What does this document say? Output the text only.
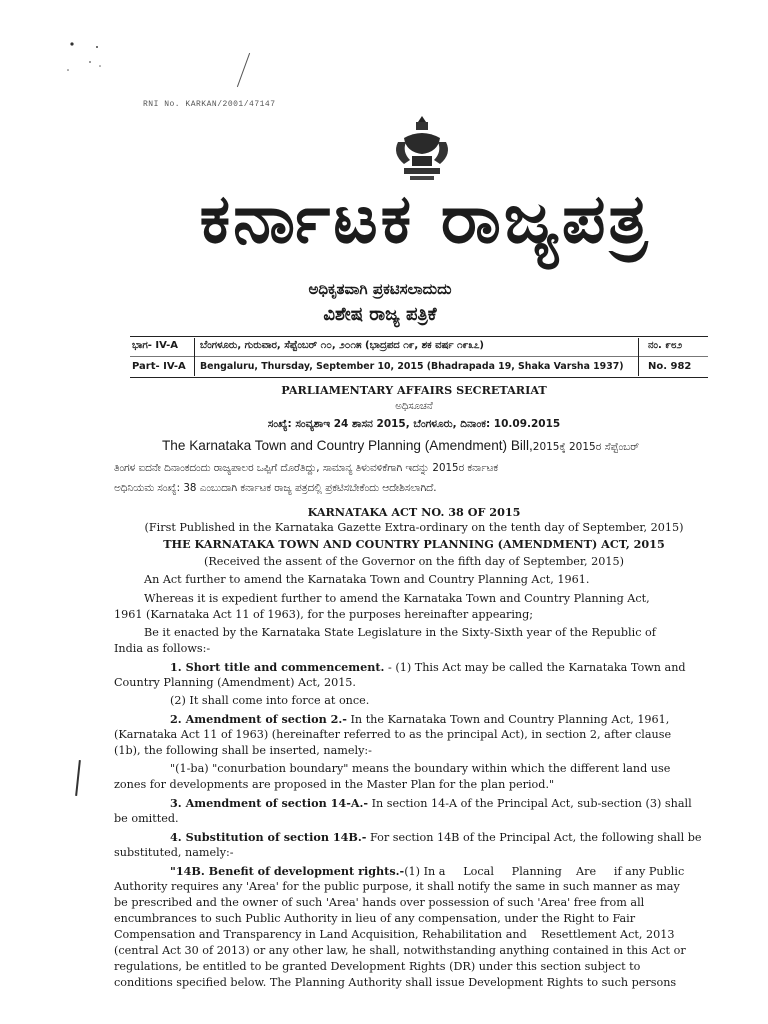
RNI No. KARKAN/2001/47147
ಕರ್ನಾಟಕ ರಾಜ್ಯಪತ್ರ
ಅಧಿಕೃತವಾಗಿ ಪ್ರಕಟಿಸಲಾದುದು
ವಿಶೇಷ ರಾಜ್ಯ ಪತ್ರಿಕೆ
ಭಾಗ- IV-A
Part- IV-A
ಬೆಂಗಳೂರು, ಗುರುವಾರ, ಸೆಪ್ಟೆಂಬರ್ ೧೦, ೨೦೧೫ (ಭಾದ್ರಪದ ೧೯, ಶಕ ವರ್ಷ ೧೯೩೭)
Bengaluru, Thursday, September 10, 2015 (Bhadrapada 19, Shaka Varsha 1937)
ನಂ. ೯೮೨
No. 982
PARLIAMENTARY AFFAIRS SECRETARIAT
ಅಧಿಸೂಚನೆ
ಸಂಖ್ಯೆ: ಸಂವ್ಯಶಾಇ 24 ಶಾಸನ 2015, ಬೆಂಗಳೂರು, ದಿನಾಂಕ: 10.09.2015
The Karnataka Town and Country Planning (Amendment) Bill,2015ಕ್ಕೆ 2015ರ ಸೆಪ್ಟೆಂಬರ್
ತಿಂಗಳ ಐದನೇ ದಿನಾಂಕದಂದು ರಾಜ್ಯಪಾಲರ ಒಪ್ಪಿಗೆ ದೊರೆತಿದ್ದು, ಸಾಮಾನ್ಯ ತಿಳುವಳಿಕೆಗಾಗಿ ಇದನ್ನು 2015ರ ಕರ್ನಾಟಕ
ಅಧಿನಿಯಮ ಸಂಖ್ಯೆ: 38 ಎಂಬುದಾಗಿ ಕರ್ನಾಟಕ ರಾಜ್ಯ ಪತ್ರದಲ್ಲಿ ಪ್ರಕಟಿಸಬೇಕೆಂದು ಆದೇಶಿಸಲಾಗಿದೆ.
KARNATAKA ACT NO. 38 OF 2015
(First Published in the Karnataka Gazette Extra-ordinary on the tenth day of September, 2015)
THE KARNATAKA TOWN AND COUNTRY PLANNING (AMENDMENT) ACT, 2015
(Received the assent of the Governor on the fifth day of September, 2015)
An Act further to amend the Karnataka Town and Country Planning Act, 1961.
Whereas it is expedient further to amend the Karnataka Town and Country Planning Act,
1961 (Karnataka Act 11 of 1963), for the purposes hereinafter appearing;
Be it enacted by the Karnataka State Legislature in the Sixty-Sixth year of the Republic of
India as follows:-
1. Short title and commencement. - (1) This Act may be called the Karnataka Town and
Country Planning (Amendment) Act, 2015.
(2) It shall come into force at once.
2. Amendment of section 2.- In the Karnataka Town and Country Planning Act, 1961,
(Karnataka Act 11 of 1963) (hereinafter referred to as the principal Act), in section 2, after clause
(1b), the following shall be inserted, namely:-
"(1-ba) "conurbation boundary" means the boundary within which the different land use
zones for developments are proposed in the Master Plan for the plan period."
3. Amendment of section 14-A.- In section 14-A of the Principal Act, sub-section (3) shall
be omitted.
4. Substitution of section 14B.- For section 14B of the Principal Act, the following shall be
substituted, namely:-
"14B. Benefit of development rights.-(1) In a     Local     Planning    Are     if any Public
Authority requires any 'Area' for the public purpose, it shall notify the same in such manner as may
be prescribed and the owner of such 'Area' hands over possession of such 'Area' free from all
encumbrances to such Public Authority in lieu of any compensation, under the Right to Fair
Compensation and Transparency in Land Acquisition, Rehabilitation and    Resettlement Act, 2013
(central Act 30 of 2013) or any other law, he shall, notwithstanding anything contained in this Act or
regulations, be entitled to be granted Development Rights (DR) under this section subject to
conditions specified below. The Planning Authority shall issue Development Rights to such persons
